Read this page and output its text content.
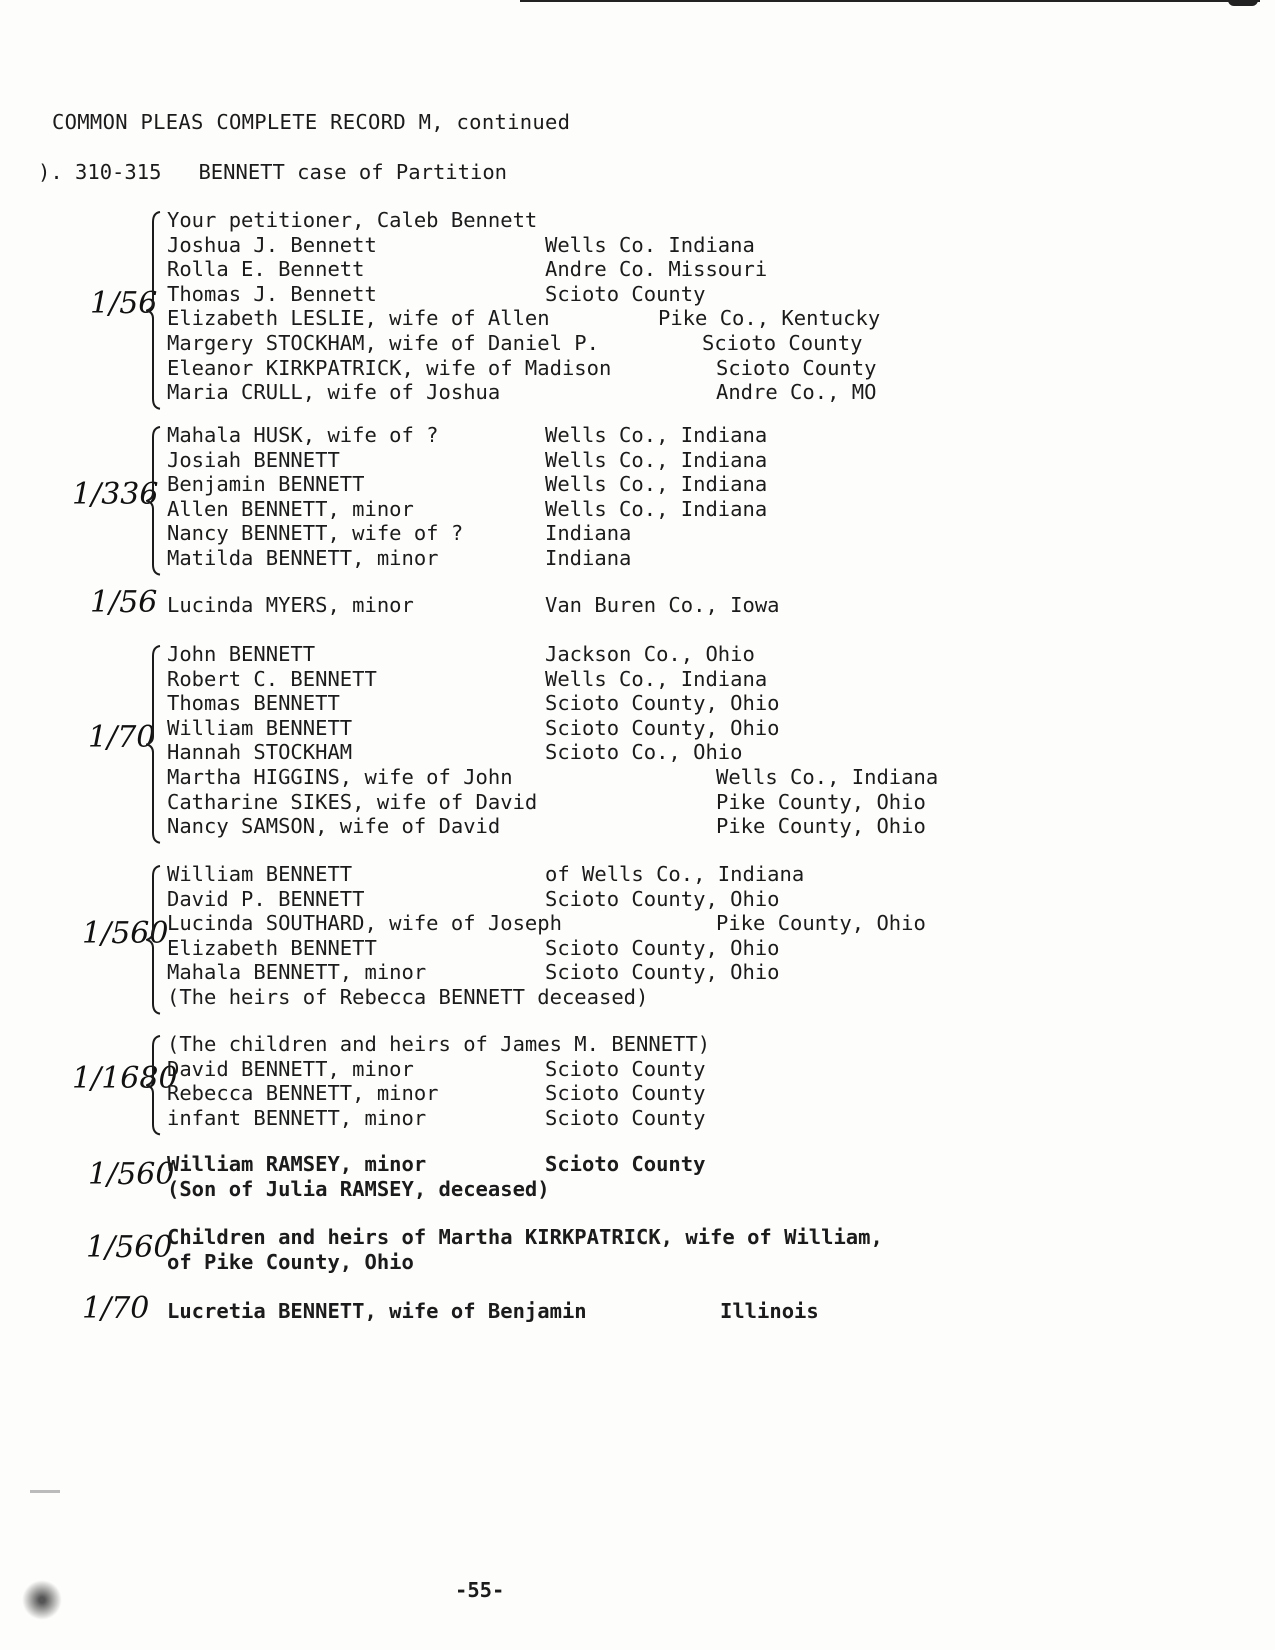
COMMON PLEAS COMPLETE RECORD M, continued
). 310-315   BENNETT case of Partition
1/56
Your petitioner, Caleb Bennett
Joshua J. Bennett	Wells Co. Indiana
Rolla E. Bennett	Andre Co. Missouri
Thomas J. Bennett	Scioto County
Elizabeth LESLIE, wife of Allen	Pike Co., Kentucky
Margery STOCKHAM, wife of Daniel P.	Scioto County
Eleanor KIRKPATRICK, wife of Madison	Scioto County
Maria CRULL, wife of Joshua	Andre Co., MO
1/336
Mahala HUSK, wife of ?	Wells Co., Indiana
Josiah BENNETT	Wells Co., Indiana
Benjamin BENNETT	Wells Co., Indiana
Allen BENNETT, minor	Wells Co., Indiana
Nancy BENNETT, wife of ?	Indiana
Matilda BENNETT, minor	Indiana
1/56 Lucinda MYERS, minor	Van Buren Co., Iowa
1/70
John BENNETT	Jackson Co., Ohio
Robert C. BENNETT	Wells Co., Indiana
Thomas BENNETT	Scioto County, Ohio
William BENNETT	Scioto County, Ohio
Hannah STOCKHAM	Scioto Co., Ohio
Martha HIGGINS, wife of John	Wells Co., Indiana
Catharine SIKES, wife of David	Pike County, Ohio
Nancy SAMSON, wife of David	Pike County, Ohio
1/560
William BENNETT	of Wells Co., Indiana
David P. BENNETT	Scioto County, Ohio
Lucinda SOUTHARD, wife of Joseph	Pike County, Ohio
Elizabeth BENNETT	Scioto County, Ohio
Mahala BENNETT, minor	Scioto County, Ohio
(The heirs of Rebecca BENNETT deceased)
1/1680
(The children and heirs of James M. BENNETT)
David BENNETT, minor	Scioto County
Rebecca BENNETT, minor	Scioto County
infant BENNETT, minor	Scioto County
1/560
William RAMSEY, minor	Scioto County
(Son of Julia RAMSEY, deceased)
1/560
Children and heirs of Martha KIRKPATRICK, wife of William,
of Pike County, Ohio
1/70 Lucretia BENNETT, wife of Benjamin	Illinois
-55-
